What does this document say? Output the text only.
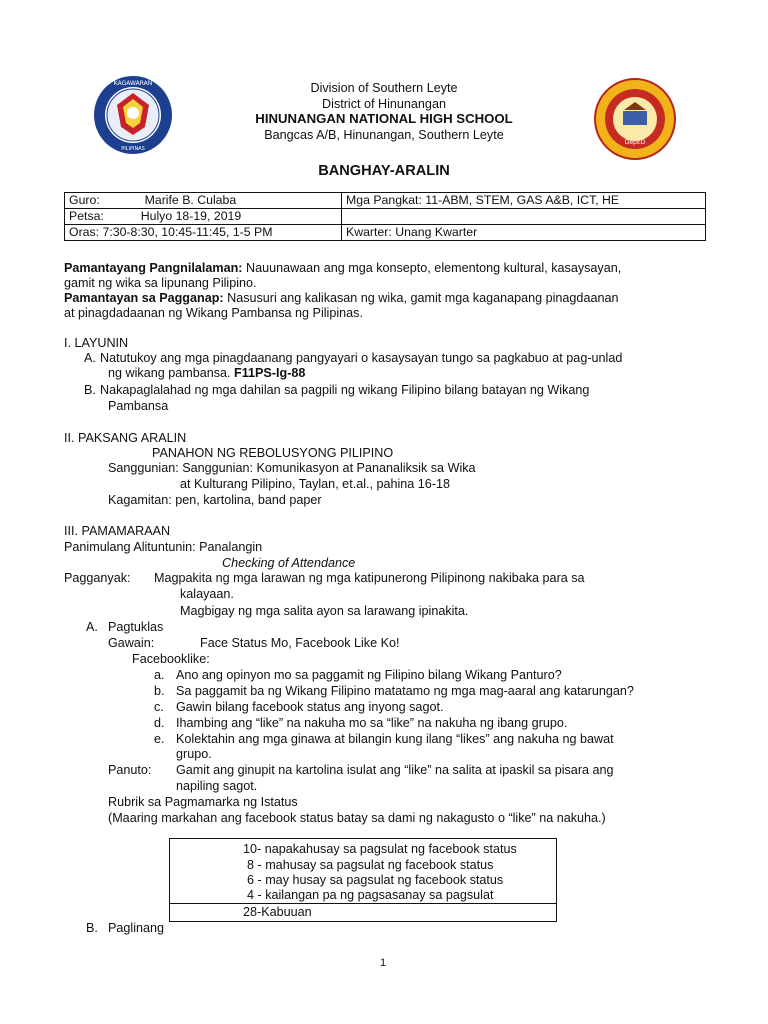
KAGAWARAN
PILIPINAS
DepED
Division of Southern Leyte
District of Hinunangan
HINUNANGAN NATIONAL HIGH SCHOOL
Bangcas A/B, Hinunangan, Southern Leyte
BANGHAY-ARALIN
Guro: Marife B. Culaba	Mga Pangkat: 11-ABM, STEM, GAS A&B, ICT, HE
Petsa: Hulyo 18-19, 2019	
Oras: 7:30-8:30, 10:45-11:45, 1-5 PM	Kwarter: Unang Kwarter
Pamantayang Pangnilalaman: Nauunawaan ang mga konsepto, elementong kultural, kasaysayan,
gamit ng wika sa lipunang Pilipino.
Pamantayan sa Pagganap: Nasusuri ang kalikasan ng wika, gamit mga kaganapang pinagdaanan
at pinagdadaanan ng Wikang Pambansa ng Pilipinas.
I. LAYUNIN
A. Natutukoy ang mga pinagdaanang pangyayari o kasaysayan tungo sa pagkabuo at pag-unlad
ng wikang pambansa. F11PS-Ig-88
B. Nakapaglalahad ng mga dahilan sa pagpili ng wikang Filipino bilang batayan ng Wikang
Pambansa
II. PAKSANG ARALIN
PANAHON NG REBOLUSYONG PILIPINO
Sanggunian: Sanggunian: Komunikasyon at Pananaliksik sa Wika
at Kulturang Pilipino, Taylan, et.al., pahina 16-18
Kagamitan: pen, kartolina, band paper
III. PAMAMARAAN
Panimulang Alituntunin: Panalangin
Checking of Attendance
Pagganyak: Magpakita ng mga larawan ng mga katipunerong Pilipinong nakibaka para sa
kalayaan.
Magbigay ng mga salita ayon sa larawang ipinakita.
A. Pagtuklas
Gawain:	Face Status Mo, Facebook Like Ko!
Facebooklike:
a. Ano ang opinyon mo sa paggamit ng Filipino bilang Wikang Panturo?
b. Sa paggamit ba ng Wikang Filipino matatamo ng mga mag-aaral ang katarungan?
c. Gawin bilang facebook status ang inyong sagot.
d. Ihambing ang “like” na nakuha mo sa “like” na nakuha ng ibang grupo.
e. Kolektahin ang mga ginawa at bilangin kung ilang “likes” ang nakuha ng bawat
grupo.
Panuto: Gamit ang ginupit na kartolina isulat ang “like” na salita at ipaskil sa pisara ang
napiling sagot.
Rubrik sa Pagmamarka ng Istatus
(Maaring markahan ang facebook status batay sa dami ng nakagusto o “like” na nakuha.)
10- napakahusay sa pagsulat ng facebook status
8 - mahusay sa pagsulat ng facebook status
6 - may husay sa pagsulat ng facebook status
4 - kailangan pa ng pagsasanay sa pagsulat
28-Kabuuan
B. Paglinang
1
